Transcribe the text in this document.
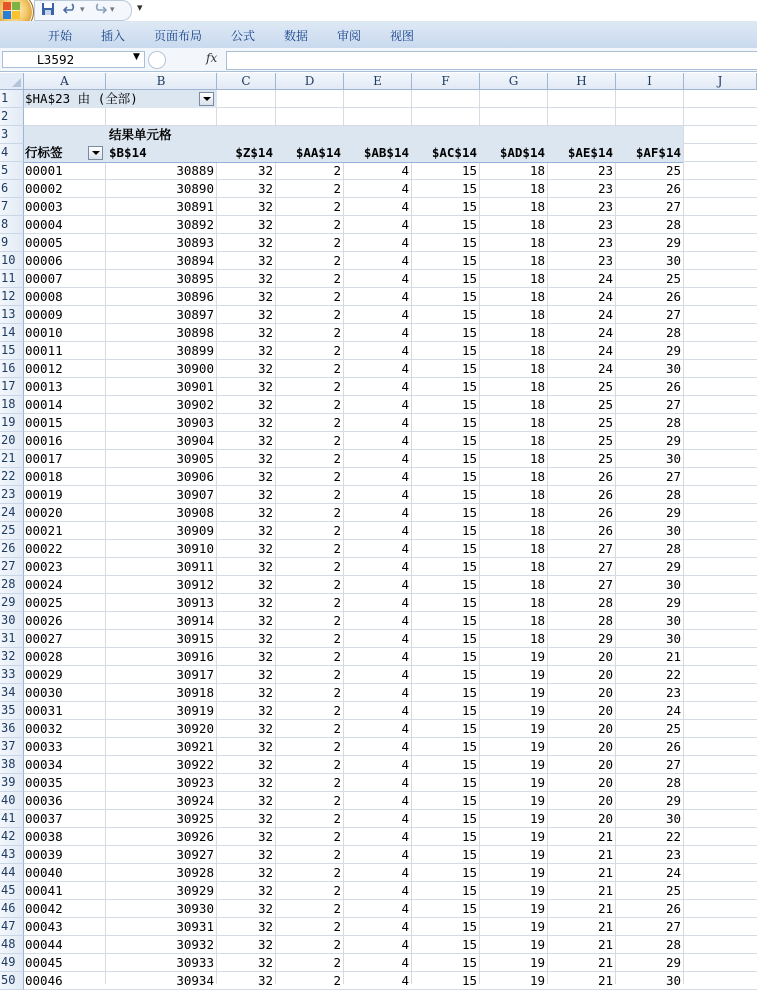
▾	▾ ▾
开始 插入 页面布局 公式 数据 审阅 视图
L3592	▼	fx
A	B	C	D	E	F	G	H	I	J
1
2
3
4
5
6
7
8
9
10
11
12
13
14
15
16
17
18
19
20
21
22
23
24
25
26
27
28
29
30
31
32
33
34
35
36
37
38
39
40
41
42
43
44
45
46
47
48
49
50
$HA$23 由 (全部)
结果单元格
行标签	$B$14	$Z$14	$AA$14	$AB$14	$AC$14	$AD$14	$AE$14	$AF$14
00001	30889	32	2	4	15	18	23	25
00002	30890	32	2	4	15	18	23	26
00003	30891	32	2	4	15	18	23	27
00004	30892	32	2	4	15	18	23	28
00005	30893	32	2	4	15	18	23	29
00006	30894	32	2	4	15	18	23	30
00007	30895	32	2	4	15	18	24	25
00008	30896	32	2	4	15	18	24	26
00009	30897	32	2	4	15	18	24	27
00010	30898	32	2	4	15	18	24	28
00011	30899	32	2	4	15	18	24	29
00012	30900	32	2	4	15	18	24	30
00013	30901	32	2	4	15	18	25	26
00014	30902	32	2	4	15	18	25	27
00015	30903	32	2	4	15	18	25	28
00016	30904	32	2	4	15	18	25	29
00017	30905	32	2	4	15	18	25	30
00018	30906	32	2	4	15	18	26	27
00019	30907	32	2	4	15	18	26	28
00020	30908	32	2	4	15	18	26	29
00021	30909	32	2	4	15	18	26	30
00022	30910	32	2	4	15	18	27	28
00023	30911	32	2	4	15	18	27	29
00024	30912	32	2	4	15	18	27	30
00025	30913	32	2	4	15	18	28	29
00026	30914	32	2	4	15	18	28	30
00027	30915	32	2	4	15	18	29	30
00028	30916	32	2	4	15	19	20	21
00029	30917	32	2	4	15	19	20	22
00030	30918	32	2	4	15	19	20	23
00031	30919	32	2	4	15	19	20	24
00032	30920	32	2	4	15	19	20	25
00033	30921	32	2	4	15	19	20	26
00034	30922	32	2	4	15	19	20	27
00035	30923	32	2	4	15	19	20	28
00036	30924	32	2	4	15	19	20	29
00037	30925	32	2	4	15	19	20	30
00038	30926	32	2	4	15	19	21	22
00039	30927	32	2	4	15	19	21	23
00040	30928	32	2	4	15	19	21	24
00041	30929	32	2	4	15	19	21	25
00042	30930	32	2	4	15	19	21	26
00043	30931	32	2	4	15	19	21	27
00044	30932	32	2	4	15	19	21	28
00045	30933	32	2	4	15	19	21	29
00046	30934	32	2	4	15	19	21	30
